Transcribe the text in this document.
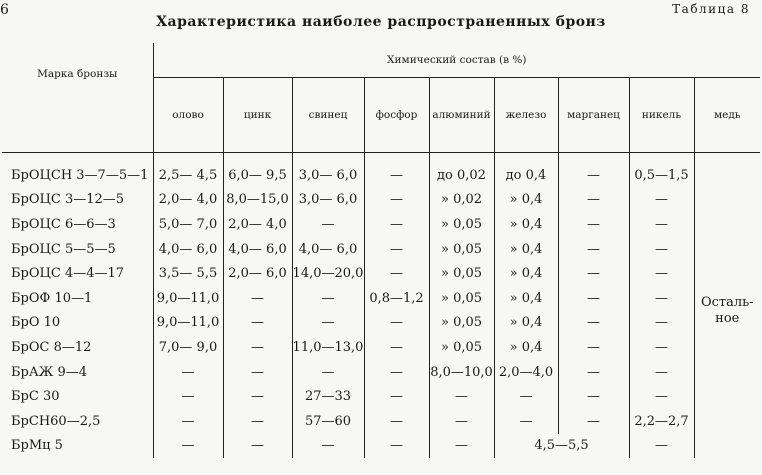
6
Характеристика наиболее распространенных бронз
Таблица 8
Марка бронзы	Химический состав (в %)								
	олово	цинк	свинец	фосфор	алюминий	железо	марганец	никель	медь
БрОЦСН 3—7—5—1	2,5— 4,5	6,0— 9,5	3,0— 6,0	—	до 0,02	до 0,4	—	0,5—1,5	Осталь-
ное

БрОЦС 3—12—5	2,0— 4,0	8,0—15,0	3,0— 6,0	—	» 0,02	» 0,4	—	—	
БрОЦС 6—6—3	5,0— 7,0	2,0— 4,0	—	—	» 0,05	» 0,4	—	—	
БрОЦС 5—5—5	4,0— 6,0	4,0— 6,0	4,0— 6,0	—	» 0,05	» 0,4	—	—	
БрОЦС 4—4—17	3,5— 5,5	2,0— 6,0	14,0—20,0	—	» 0,05	» 0,4	—	—	
БрОФ 10—1	9,0—11,0	—	—	0,8—1,2	» 0,05	» 0,4	—	—	
БрО 10	9,0—11,0	—	—	—	» 0,05	» 0,4	—	—	
БрОС 8—12	7,0— 9,0	—	11,0—13,0	—	» 0,05	» 0,4	—	—	
БрАЖ 9—4	—	—	—	—	8,0—10,0	2,0—4,0	—	—	
БрС 30	—	—	27—33	—	—	—	—	—	
БрСН60—2,5	—	—	57—60	—	—	—	—	2,2—2,7	
БрМц 5	—	—	—	—	—	4,5—5,5		—	
